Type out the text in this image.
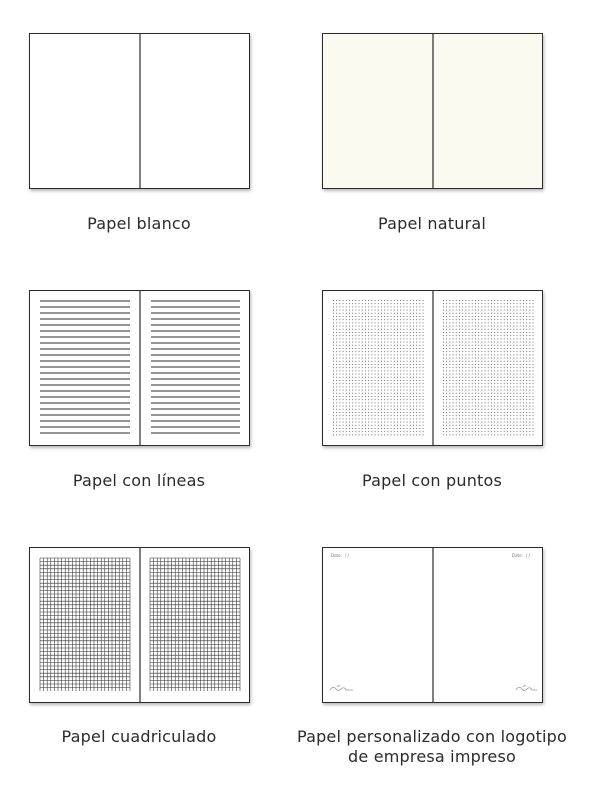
Papel blanco	Papel natural
Papel con líneas	Papel con puntos
Papel cuadriculado
Date: / /	Date: / /
Papel personalizado con logotipo
de empresa impreso
